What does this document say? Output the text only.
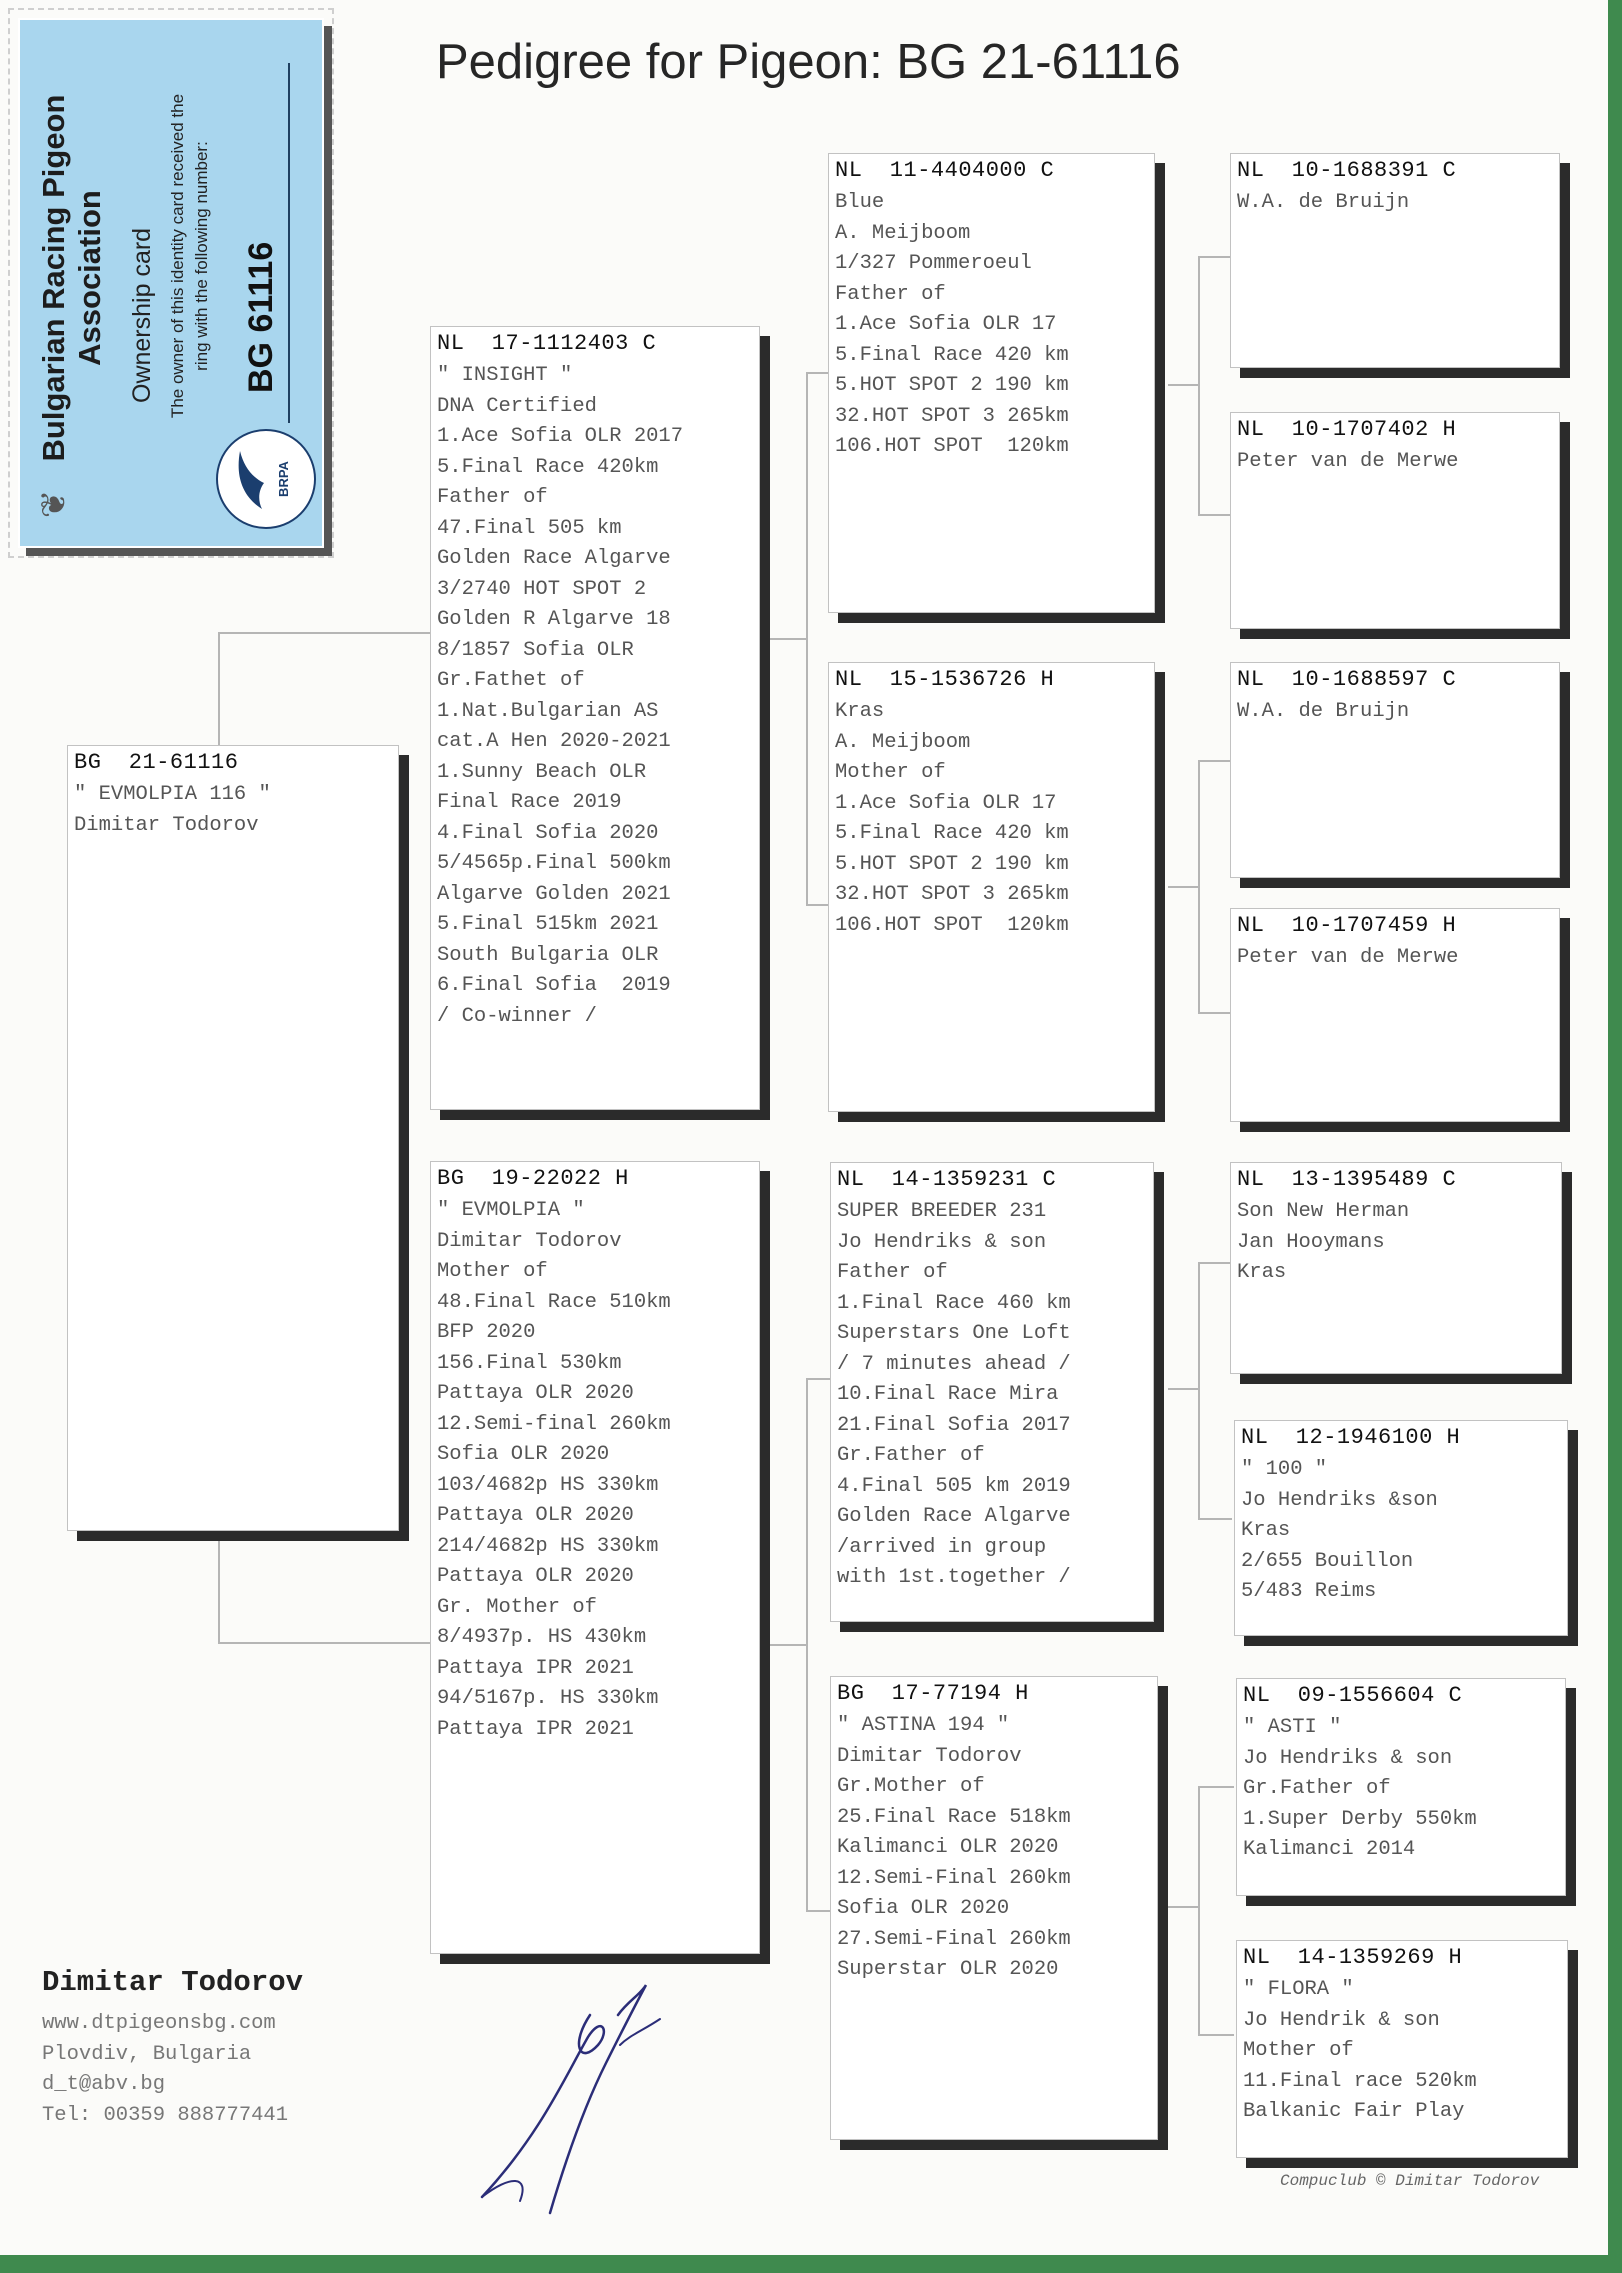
Pedigree for Pigeon: BG 21-61116
❦
Bulgarian Racing Pigeon Association Ownership card The owner of this identity card received the ring with the following number: BG 61116
BRPA
BG  21-61116
" EVMOLPIA 116 "
Dimitar Todorov
NL  17-1112403 C
" INSIGHT "
DNA Certified
1.Ace Sofia OLR 2017
5.Final Race 420km
Father of
47.Final 505 km
Golden Race Algarve
3/2740 HOT SPOT 2
Golden R Algarve 18
8/1857 Sofia OLR
Gr.Fathet of
1.Nat.Bulgarian AS
cat.A Hen 2020-2021
1.Sunny Beach OLR
Final Race 2019
4.Final Sofia 2020
5/4565p.Final 500km
Algarve Golden 2021
5.Final 515km 2021
South Bulgaria OLR
6.Final Sofia  2019
/ Co-winner /
BG  19-22022 H
" EVMOLPIA "
Dimitar Todorov
Mother of
48.Final Race 510km
BFP 2020
156.Final 530km
Pattaya OLR 2020
12.Semi-final 260km
Sofia OLR 2020
103/4682p HS 330km
Pattaya OLR 2020
214/4682p HS 330km
Pattaya OLR 2020
Gr. Mother of
8/4937p. HS 430km
Pattaya IPR 2021
94/5167p. HS 330km
Pattaya IPR 2021
NL  11-4404000 C
Blue
A. Meijboom
1/327 Pommeroeul
Father of
1.Ace Sofia OLR 17
5.Final Race 420 km
5.HOT SPOT 2 190 km
32.HOT SPOT 3 265km
106.HOT SPOT  120km
NL  15-1536726 H
Kras
A. Meijboom
Mother of
1.Ace Sofia OLR 17
5.Final Race 420 km
5.HOT SPOT 2 190 km
32.HOT SPOT 3 265km
106.HOT SPOT  120km
NL  14-1359231 C
SUPER BREEDER 231
Jo Hendriks & son
Father of
1.Final Race 460 km
Superstars One Loft
/ 7 minutes ahead /
10.Final Race Mira
21.Final Sofia 2017
Gr.Father of
4.Final 505 km 2019
Golden Race Algarve
/arrived in group
with 1st.together /
BG  17-77194 H
" ASTINA 194 "
Dimitar Todorov
Gr.Mother of
25.Final Race 518km
Kalimanci OLR 2020
12.Semi-Final 260km
Sofia OLR 2020
27.Semi-Final 260km
Superstar OLR 2020
NL  10-1688391 C
W.A. de Bruijn
NL  10-1707402 H
Peter van de Merwe
NL  10-1688597 C
W.A. de Bruijn
NL  10-1707459 H
Peter van de Merwe
NL  13-1395489 C
Son New Herman
Jan Hooymans
Kras
NL  12-1946100 H
" 100 "
Jo Hendriks &son
Kras
2/655 Bouillon
5/483 Reims
NL  09-1556604 C
" ASTI "
Jo Hendriks & son
Gr.Father of
1.Super Derby 550km
Kalimanci 2014
NL  14-1359269 H
" FLORA "
Jo Hendrik & son
Mother of
11.Final race 520km
Balkanic Fair Play
Dimitar Todorov
www.dtpigeonsbg.com
Plovdiv, Bulgaria
d_t@abv.bg
Tel: 00359 888777441
Compuclub © Dimitar Todorov
